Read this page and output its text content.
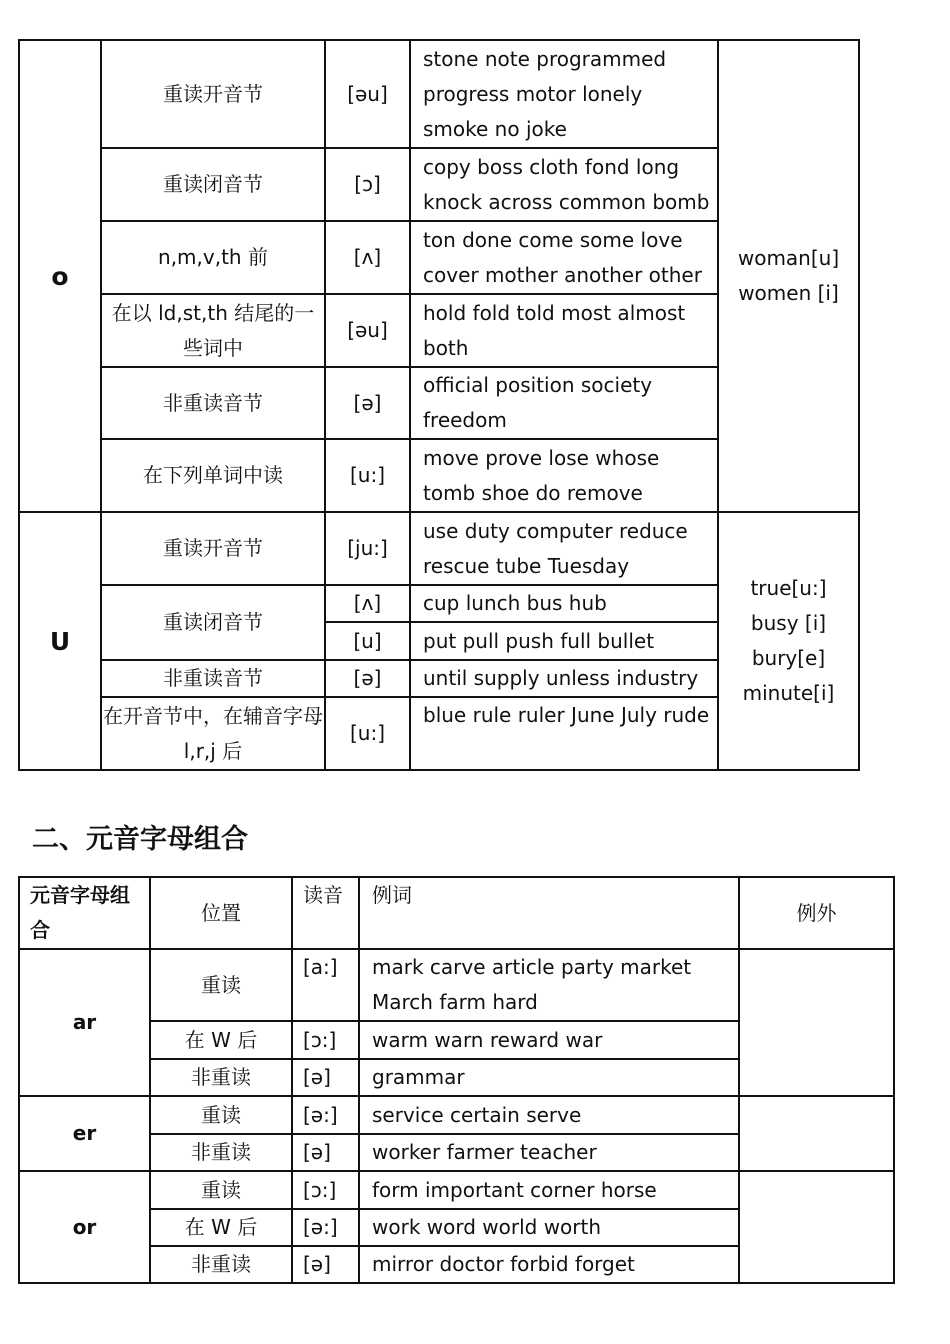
o	重读开音节	[əu]	stone note programmed progress motor lonely smoke no joke	woman[u]
women [i]

	重读闭音节	[ɔ]	copy boss cloth fond long knock across common bomb	
	n,m,v,th 前	[ʌ]	ton done come some love cover mother another other	
	在以 ld,st,th 结尾的一些词中	[əu]	hold fold told most almost both	
	非重读音节	[ə]	official position society freedom	
	在下列单词中读	[u:]	move prove lose whose tomb shoe do remove	
U	重读开音节	[ju:]	use duty computer reduce rescue tube Tuesday	true[u:]
busy [i]
bury[e]
minute[i]

	重读闭音节	[ʌ]	cup lunch bus hub	
		[u]	put pull push full bullet	
	非重读音节	[ə]	until supply unless industry	
	在开音节中，在辅音字母 l,r,j 后	[u:]	blue rule ruler June July rude	
二、元音字母组合
元音字母组合	位置	读音	例词	例外
ar	重读	[a:]	mark carve article party market March farm hard	
	在 W 后	[ɔ:]	warm warn reward war	
	非重读	[ə]	grammar	
er	重读	[ə:]	service certain serve	
	非重读	[ə]	worker farmer teacher	
or	重读	[ɔ:]	form important corner horse	
	在 W 后	[ə:]	work word world worth	
	非重读	[ə]	mirror doctor forbid forget	
